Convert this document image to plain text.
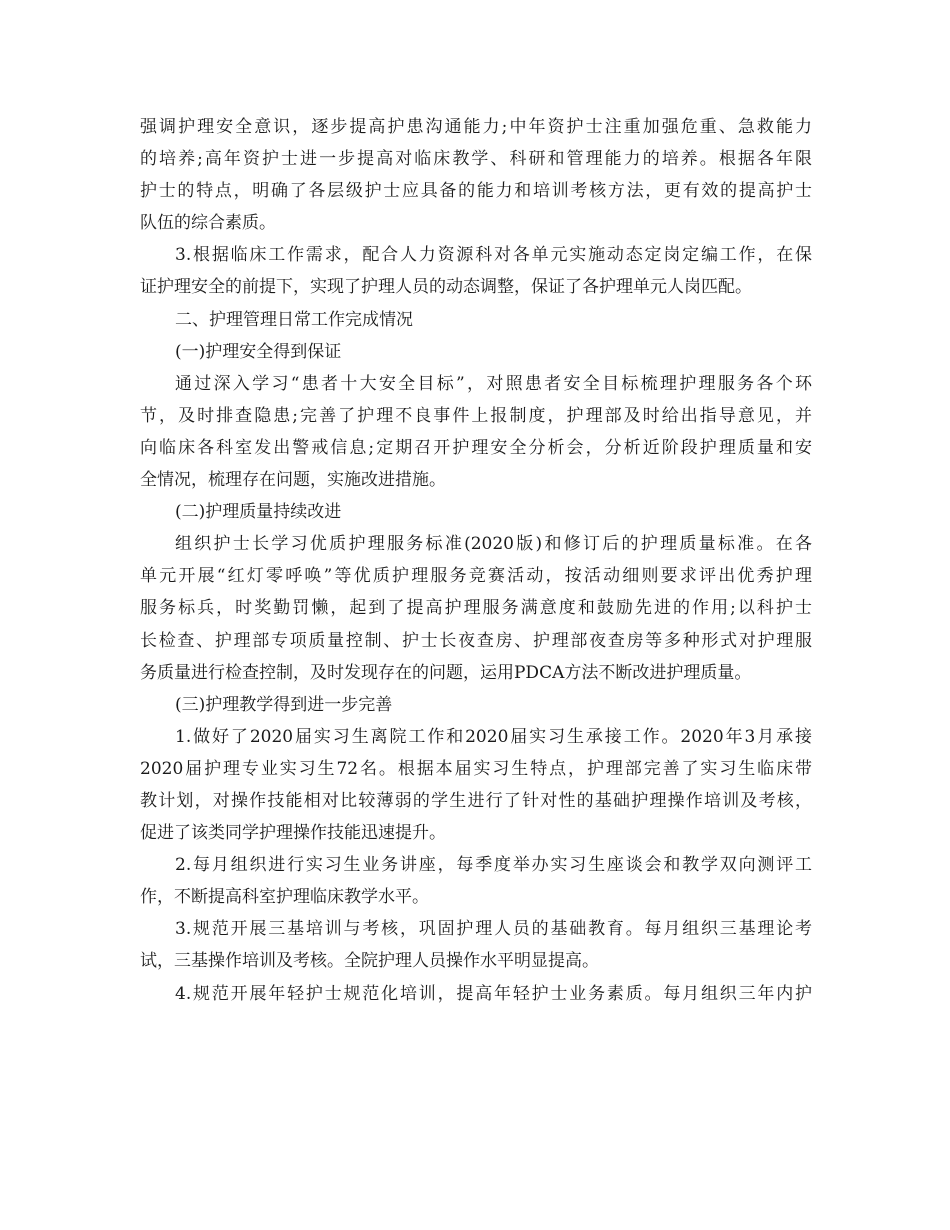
强调护理安全意识，逐步提高护患沟通能力;中年资护士注重加强危重、急救能力
的培养;高年资护士进一步提高对临床教学、科研和管理能力的培养。根据各年限
护士的特点，明确了各层级护士应具备的能力和培训考核方法，更有效的提高护士
队伍的综合素质。
3.根据临床工作需求，配合人力资源科对各单元实施动态定岗定编工作，在保
证护理安全的前提下，实现了护理人员的动态调整，保证了各护理单元人岗匹配。
二、护理管理日常工作完成情况
(一)护理安全得到保证
通过深入学习“患者十大安全目标”，对照患者安全目标梳理护理服务各个环
节，及时排查隐患;完善了护理不良事件上报制度，护理部及时给出指导意见，并
向临床各科室发出警戒信息;定期召开护理安全分析会，分析近阶段护理质量和安
全情况，梳理存在问题，实施改进措施。
(二)护理质量持续改进
组织护士长学习优质护理服务标准(2020版)和修订后的护理质量标准。在各
单元开展“红灯零呼唤”等优质护理服务竞赛活动，按活动细则要求评出优秀护理
服务标兵，时奖勤罚懒，起到了提高护理服务满意度和鼓励先进的作用;以科护士
长检查、护理部专项质量控制、护士长夜查房、护理部夜查房等多种形式对护理服
务质量进行检查控制，及时发现存在的问题，运用PDCA方法不断改进护理质量。
(三)护理教学得到进一步完善
1.做好了2020届实习生离院工作和2020届实习生承接工作。2020年3月承接
2020届护理专业实习生72名。根据本届实习生特点，护理部完善了实习生临床带
教计划，对操作技能相对比较薄弱的学生进行了针对性的基础护理操作培训及考核，
促进了该类同学护理操作技能迅速提升。
2.每月组织进行实习生业务讲座，每季度举办实习生座谈会和教学双向测评工
作，不断提高科室护理临床教学水平。
3.规范开展三基培训与考核，巩固护理人员的基础教育。每月组织三基理论考
试，三基操作培训及考核。全院护理人员操作水平明显提高。
4.规范开展年轻护士规范化培训，提高年轻护士业务素质。每月组织三年内护
